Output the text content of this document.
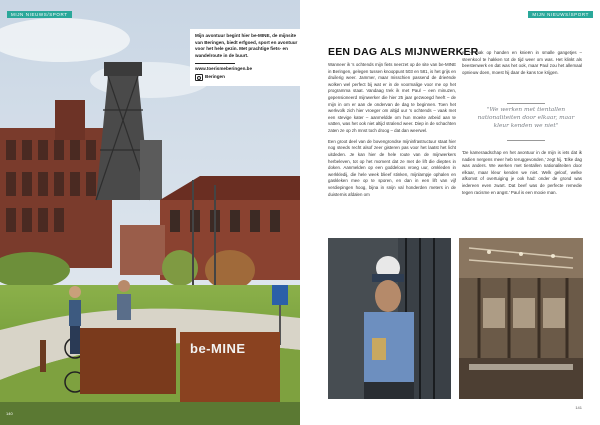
MIJN NIEUWS/SPORT
Mijn avontuur begint hier be-MINE, de mijnsite van Beringen, biedt erfgoed, sport en avontuur voor het hele gezin. Met prachtige fiets- en wandelroute in de buurt.
www.toerismeberingen.be
Beringen
be-MINE
140
MIJN NIEUWS/SPORT
EEN DAG ALS MIJNWERKER

Wanneer ik 's ochtends mijn fiets neerzet op de site van be-MINE in Beringen, gelegen tussen knooppunt 503 en 581, is het grijs en druilerig weer. Jammer, maar misschien passend de drieënde wolken wel perfect bij wat er in de voormalige voor me op het programma staat. Vandaag trek ik met Paul – een minuzen, gepensioneerd mijnwerker die hier 25 jaar gezwoegd heeft – de mijn in om er aan de ondervan de dag te beginnen. Toen het werkvolk zich hier vroeger om altijd uur 's ochtends – vaak met een stevige kater – aanmeldde om hun moeite arbeid aan te vatten, was het ook niet altijd stralend weer. Diep in de schachten zaten ze op zh mnst toch droog – dat dan weerwel.

Een groot deel van de bovengrondse mijninfrastructuur staat hier nog steeds recht alsof zeer gisteren pas voor het laatst het licht uitdeden. Je kan hier de hele route van de mijnwerkers herbeleven, tot op het moment dat ze met de lift die dieptes in doken. Aanmelden op een goddeloos vroeg uur, omkleden in werkkledij, die hele week blieef stinken, mijnlampje ophalen en gaskleken mee op te sporen, en dan in een lift van vijf verdiepingen hoog, bijna in snijn val honderden meters in de duisternis afdalen om

er – vaak op handen en knieën in smalle gangetjes – steenkool te hakken tot de tijd weer om was. Het klinkt als beestenwerk en dat was het ook, maar Paul zou het allemaal opnieuw doen, moest hij daar de kans toe krijgen.

"We werken met tientallen nationaliteiten door elkaar, maar kleur kenden we niet"

'De kameraadschap en het avontuur in de mijn is iets dat ik nadien nergens meer heb teruggevonden,' zegt hij. 'Elke dag was anders. We werken met tientallen nationaliteiten door elkaar, maar kleur kenden we niet. Welk geloof, welke afkomst of overtuiging je ook had: onder de grond was iedereen even zwart. Dat beef was de perfecte remedie tegen racisme en angst.' Paul is een mooie man.

141
